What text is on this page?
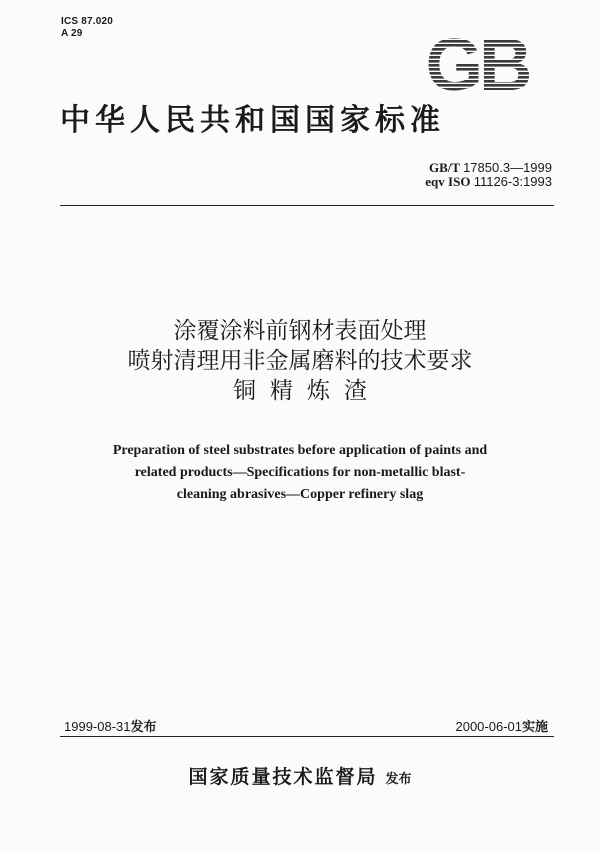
ICS 87.020
A 29	GB
中华人民共和国国家标准
GB/T 17850.3—1999
eqv ISO 11126-3:1993
涂覆涂料前钢材表面处理
喷射清理用非金属磨料的技术要求
铜精炼渣
Preparation of steel substrates before application of paints and
related products—Specifications for non-metallic blast-
cleaning abrasives—Copper refinery slag
1999-08-31发布	2000-06-01实施
国家质量技术监督局 发布
